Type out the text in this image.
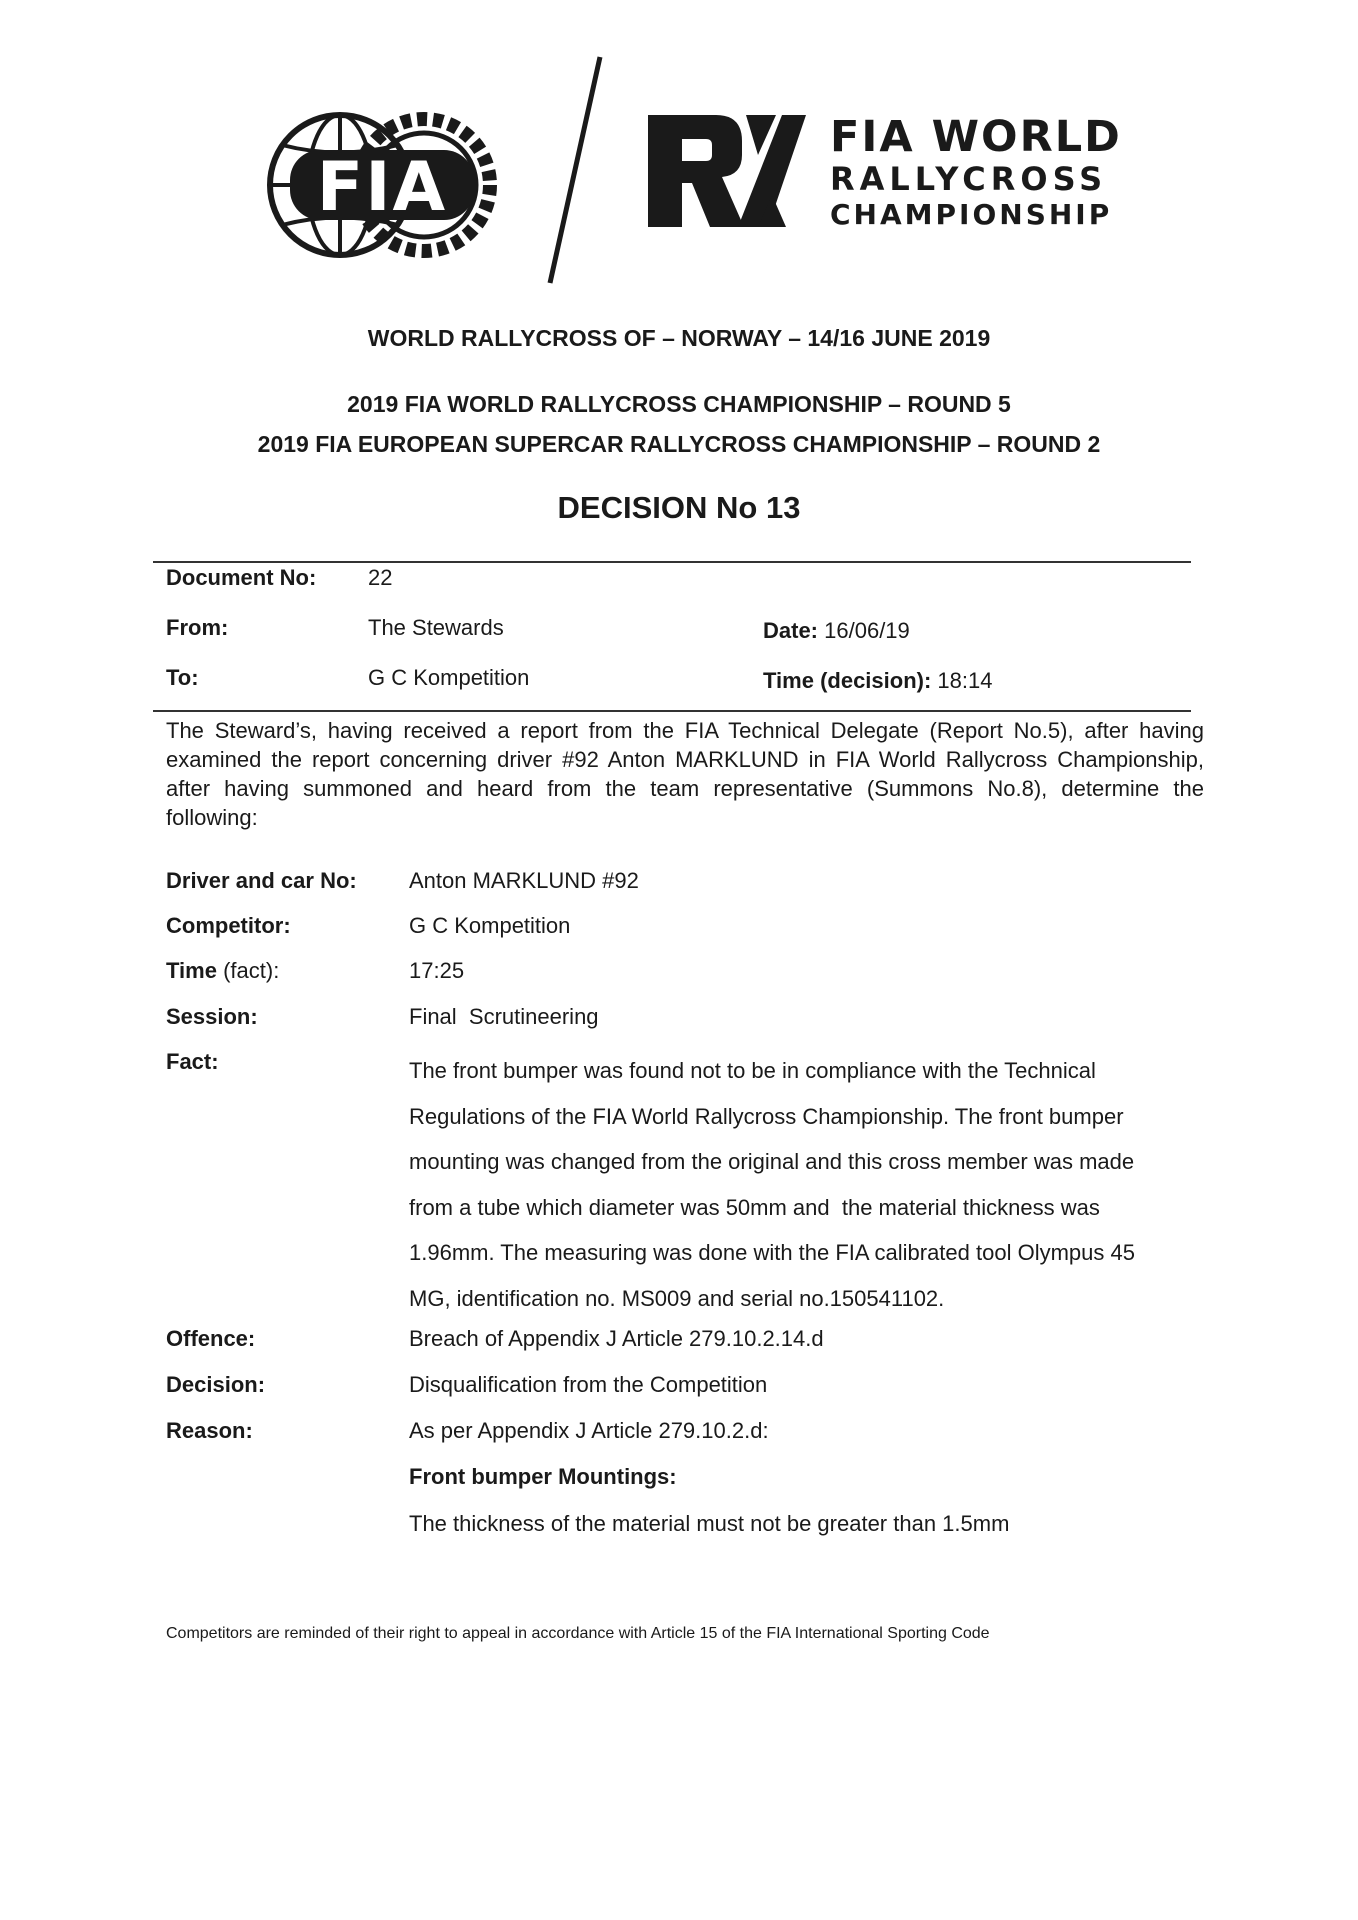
FIA
FIA WORLD
RALLYCROSS
CHAMPIONSHIP
WORLD RALLYCROSS OF – NORWAY – 14/16 JUNE 2019
2019 FIA WORLD RALLYCROSS CHAMPIONSHIP – ROUND 5
2019 FIA EUROPEAN SUPERCAR RALLYCROSS CHAMPIONSHIP – ROUND 2
DECISION No 13
Document No: 22
From:	The Stewards	Date: 16/06/19
To:	G C Kompetition	Time (decision): 18:14
The Steward’s, having received a report from the FIA Technical Delegate (Report No.5), after having examined the report concerning driver #92 Anton MARKLUND in FIA World Rallycross Championship, after having summoned and heard from the team representative (Summons No.8), determine the following:
Driver and car No: Anton MARKLUND #92
Competitor:	G C Kompetition
Time (fact):	17:25
Session:	Final  Scrutineering
Fact:	The front bumper was found not to be in compliance with the Technical
Regulations of the FIA World Rallycross Championship. The front bumper
mounting was changed from the original and this cross member was made
from a tube which diameter was 50mm and  the material thickness was
1.96mm. The measuring was done with the FIA calibrated tool Olympus 45
MG, identification no. MS009 and serial no.150541102.
Offence:	Breach of Appendix J Article 279.10.2.14.d
Decision:	Disqualification from the Competition
Reason:	As per Appendix J Article 279.10.2.d:
Front bumper Mountings:
The thickness of the material must not be greater than 1.5mm
Competitors are reminded of their right to appeal in accordance with Article 15 of the FIA International Sporting Code
